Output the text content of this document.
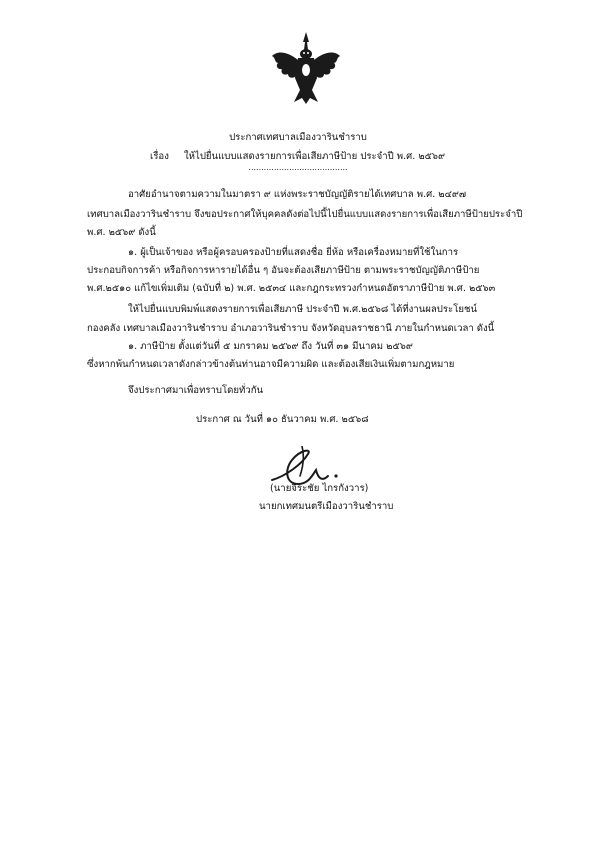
ประกาศเทศบาลเมืองวารินชำราบ
เรื่อง ให้ไปยื่นแบบแสดงรายการเพื่อเสียภาษีป้าย ประจำปี พ.ศ. ๒๕๖๙
.......................................
อาศัยอำนาจตามความในมาตรา ๙ แห่งพระราชบัญญัติรายได้เทศบาล พ.ศ. ๒๔๙๗
เทศบาลเมืองวารินชำราบ จึงขอประกาศให้บุคคลดังต่อไปนี้ไปยื่นแบบแสดงรายการเพื่อเสียภาษีป้ายประจำปี
พ.ศ. ๒๕๖๙ ดังนี้
๑. ผู้เป็นเจ้าของ หรือผู้ครอบครองป้ายที่แสดงชื่อ ยี่ห้อ หรือเครื่องหมายที่ใช้ในการ
ประกอบกิจการค้า หรือกิจการหารายได้อื่น ๆ อันจะต้องเสียภาษีป้าย ตามพระราชบัญญัติภาษีป้าย
พ.ศ.๒๕๑๐ แก้ไขเพิ่มเติม (ฉบับที่ ๒) พ.ศ. ๒๕๓๔ และกฎกระทรวงกำหนดอัตราภาษีป้าย พ.ศ. ๒๕๖๓
ให้ไปยื่นแบบพิมพ์แสดงรายการเพื่อเสียภาษี ประจำปี พ.ศ.๒๕๖๘ ได้ที่งานผลประโยชน์
กองคลัง เทศบาลเมืองวารินชำราบ อำเภอวารินชำราบ จังหวัดอุบลราชธานี ภายในกำหนดเวลา ดังนี้
๑. ภาษีป้าย ตั้งแต่วันที่ ๕ มกราคม ๒๕๖๙ ถึง วันที่ ๓๑ มีนาคม ๒๕๖๙
ซึ่งหากพ้นกำหนดเวลาดังกล่าวข้างต้นท่านอาจมีความผิด และต้องเสียเงินเพิ่มตามกฎหมาย
จึงประกาศมาเพื่อทราบโดยทั่วกัน
ประกาศ ณ วันที่ ๑๐ ธันวาคม พ.ศ. ๒๕๖๘
(นายจีระชัย ไกรกังวาร)
นายกเทศมนตรีเมืองวารินชำราบ
